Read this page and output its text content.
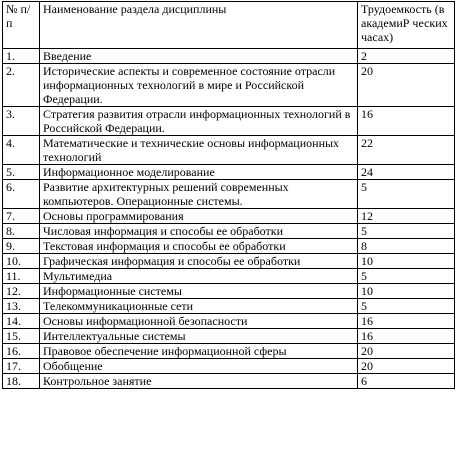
№ п/п	Наименование раздела дисциплины	Трудоемкость (в академиР ческих часах)
1.	Введение	2
2.	Исторические аспекты и современное состояние отрасли информационных технологий в мире и Российской Федерации.	20
3.	Стратегия развития отрасли информационных технологий в Российской Федерации.	16
4.	Математические и технические основы информационных технологий	22
5.	Информационное моделирование	24
6.	Развитие архитектурных решений современных компьютеров. Операционные системы.	5
7.	Основы программирования	12
8.	Числовая информация и способы ее обработки	5
9.	Текстовая информация и способы ее обработки	8
10.	Графическая информация и способы ее обработки	10
11.	Мультимедиа	5
12.	Информационные системы	10
13.	Телекоммуникационные сети	5
14.	Основы информационной безопасности	16
15.	Интеллектуальные системы	16
16.	Правовое обеспечение информационной сферы	20
17.	Обобщение	20
18.	Контрольное занятие	6
